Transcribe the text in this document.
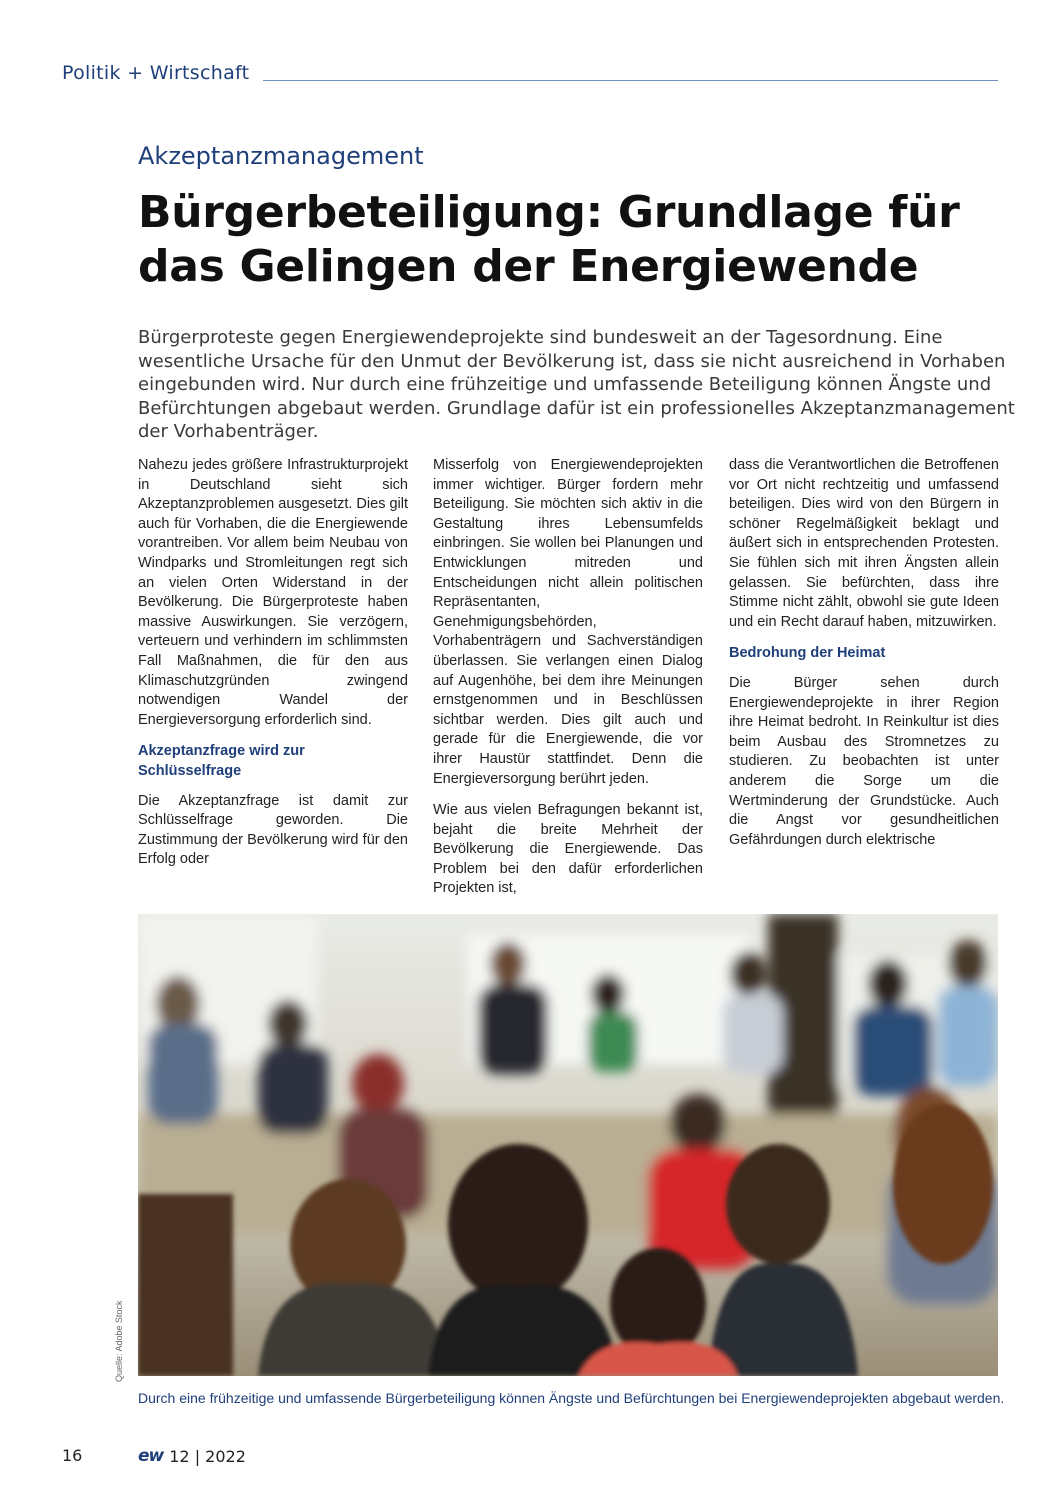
Politik + Wirtschaft
Akzeptanzmanagement
Bürgerbeteiligung: Grundlage für das Gelingen der Energiewende

Bürgerproteste gegen Energiewendeprojekte sind bundesweit an der Tagesordnung. Eine wesentliche Ursache für den Unmut der Bevölkerung ist, dass sie nicht ausreichend in Vorhaben eingebunden wird. Nur durch eine frühzeitige und umfassende Beteiligung können Ängste und Befürchtungen abgebaut werden. Grundlage dafür ist ein professionelles Akzeptanzmanagement der Vorhabenträger.

Nahezu jedes größere Infrastrukturprojekt in Deutschland sieht sich Akzeptanzproblemen ausgesetzt. Dies gilt auch für Vorhaben, die die Energiewende vorantreiben. Vor allem beim Neubau von Windparks und Stromleitungen regt sich an vielen Orten Widerstand in der Bevölkerung. Die Bürgerproteste haben massive Auswirkungen. Sie verzögern, verteuern und verhindern im schlimmsten Fall Maßnahmen, die für den aus Klimaschutzgründen zwingend notwendigen Wandel der Energieversorgung erforderlich sind.

Akzeptanzfrage wird zur Schlüsselfrage

Die Akzeptanzfrage ist damit zur Schlüsselfrage geworden. Die Zustimmung der Bevölkerung wird für den Erfolg oder

Misserfolg von Energiewendeprojekten immer wichtiger. Bürger fordern mehr Beteiligung. Sie möchten sich aktiv in die Gestaltung ihres Lebensumfelds einbringen. Sie wollen bei Planungen und Entwicklungen mitreden und Entscheidungen nicht allein politischen Repräsentanten, Genehmigungsbehörden, Vorhabenträgern und Sachverständigen überlassen. Sie verlangen einen Dialog auf Augenhöhe, bei dem ihre Meinungen ernstgenommen und in Beschlüssen sichtbar werden. Dies gilt auch und gerade für die Energiewende, die vor ihrer Haustür stattfindet. Denn die Energieversorgung berührt jeden.

Wie aus vielen Befragungen bekannt ist, bejaht die breite Mehrheit der Bevölkerung die Energiewende. Das Problem bei den dafür erforderlichen Projekten ist,

dass die Verantwortlichen die Betroffenen vor Ort nicht rechtzeitig und umfassend beteiligen. Dies wird von den Bürgern in schöner Regelmäßigkeit beklagt und äußert sich in entsprechenden Protesten. Sie fühlen sich mit ihren Ängsten allein gelassen. Sie befürchten, dass ihre Stimme nicht zählt, obwohl sie gute Ideen und ein Recht darauf haben, mitzuwirken.

Bedrohung der Heimat

Die Bürger sehen durch Energiewendeprojekte in ihrer Region ihre Heimat bedroht. In Reinkultur ist dies beim Ausbau des Stromnetzes zu studieren. Zu beobachten ist unter anderem die Sorge um die Wertminderung der Grundstücke. Auch die Angst vor gesundheitlichen Gefährdungen durch elektrische

Quelle: Adobe Stock
Durch eine frühzeitige und umfassende Bürgerbeteiligung können Ängste und Befürchtungen bei Energiewendeprojekten abgebaut werden.
16	ew 12 | 2022
